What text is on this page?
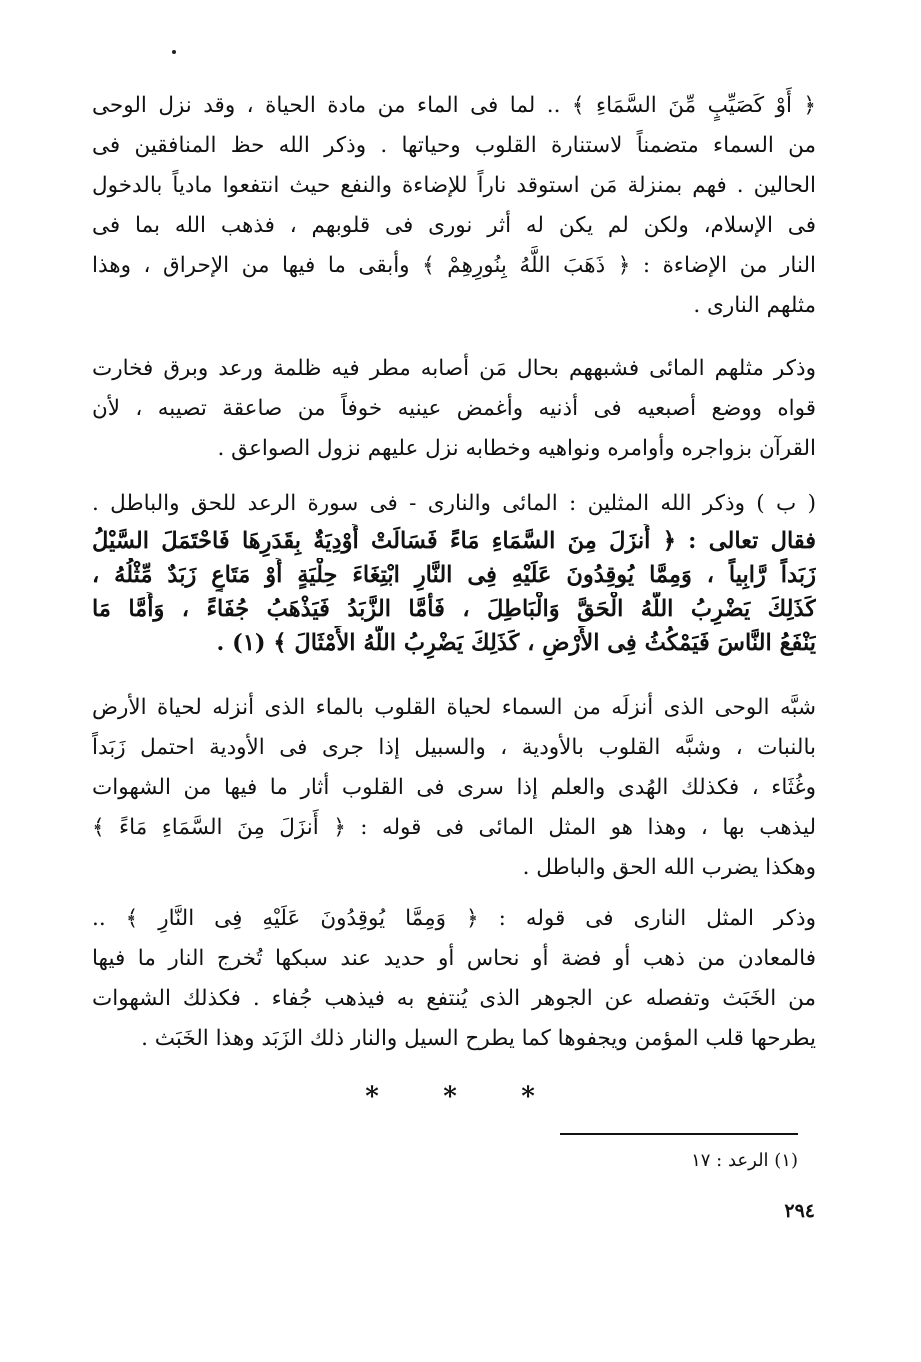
﴿ أَوْ كَصَيِّبٍ مِّنَ السَّمَاءِ ﴾ .. لما فى الماء من مادة الحياة ، وقد نزل الوحى
من السماء متضمناً لاستنارة القلوب وحياتها . وذكر الله حظ المنافقين فى
الحالين . فهم بمنزلة مَن استوقد ناراً للإضاءة والنفع حيث انتفعوا مادياً بالدخول
فى الإسلام، ولكن لم يكن له أثر نورى فى قلوبهم ، فذهب الله بما فى
النار من الإضاءة : ﴿ ذَهَبَ اللَّهُ بِنُورِهِمْ ﴾ وأبقى ما فيها من الإحراق ، وهذا
مثلهم النارى .
وذكر مثلهم المائى فشبههم بحال مَن أصابه مطر فيه ظلمة ورعد وبرق فخارت
قواه ووضع أصبعيه فى أذنيه وأغمض عينيه خوفاً من صاعقة تصيبه ، لأن
القرآن بزواجره وأوامره ونواهيه وخطابه نزل عليهم نزول الصواعق .
( ب ) وذكر الله المثلين : المائى والنارى - فى سورة الرعد للحق والباطل .
فقال تعالى : ﴿ أَنزَلَ مِنَ السَّمَاءِ مَاءً فَسَالَتْ أَوْدِيَةٌ بِقَدَرِهَا فَاحْتَمَلَ السَّيْلُ
زَبَداً رَّابِياً ، وَمِمَّا يُوقِدُونَ عَلَيْهِ فِى النَّارِ ابْتِغَاءَ حِلْيَةٍ أَوْ مَتَاعٍ زَبَدٌ مِّثْلُهُ ،
كَذَلِكَ يَضْرِبُ اللَّهُ الْحَقَّ وَالْبَاطِلَ ، فَأَمَّا الزَّبَدُ فَيَذْهَبُ جُفَاءً ، وَأَمَّا مَا
يَنْفَعُ النَّاسَ فَيَمْكُثُ فِى الأَرْضِ ، كَذَلِكَ يَضْرِبُ اللَّهُ الأَمْثَالَ ﴾ (١) .
شبَّه الوحى الذى أنزلَه من السماء لحياة القلوب بالماء الذى أنزله لحياة الأرض
بالنبات ، وشبَّه القلوب بالأودية ، والسبيل إذا جرى فى الأودية احتمل زَبَداً
وغُثَاء ، فكذلك الهُدى والعلم إذا سرى فى القلوب أثار ما فيها من الشهوات
ليذهب بها ، وهذا هو المثل المائى فى قوله : ﴿ أَنزَلَ مِنَ السَّمَاءِ مَاءً ﴾
وهكذا يضرب الله الحق والباطل .
وذكر المثل النارى فى قوله : ﴿ وَمِمَّا يُوقِدُونَ عَلَيْهِ فِى النَّارِ ﴾ ..
فالمعادن من ذهب أو فضة أو نحاس أو حديد عند سبكها تُخرج النار ما فيها
من الخَبَث وتفصله عن الجوهر الذى يُنتفع به فيذهب جُفاء . فكذلك الشهوات
يطرحها قلب المؤمن ويجفوها كما يطرح السيل والنار ذلك الزَبَد وهذا الخَبَث .
*	*	*
(١) الرعد : ١٧
٢٩٤
